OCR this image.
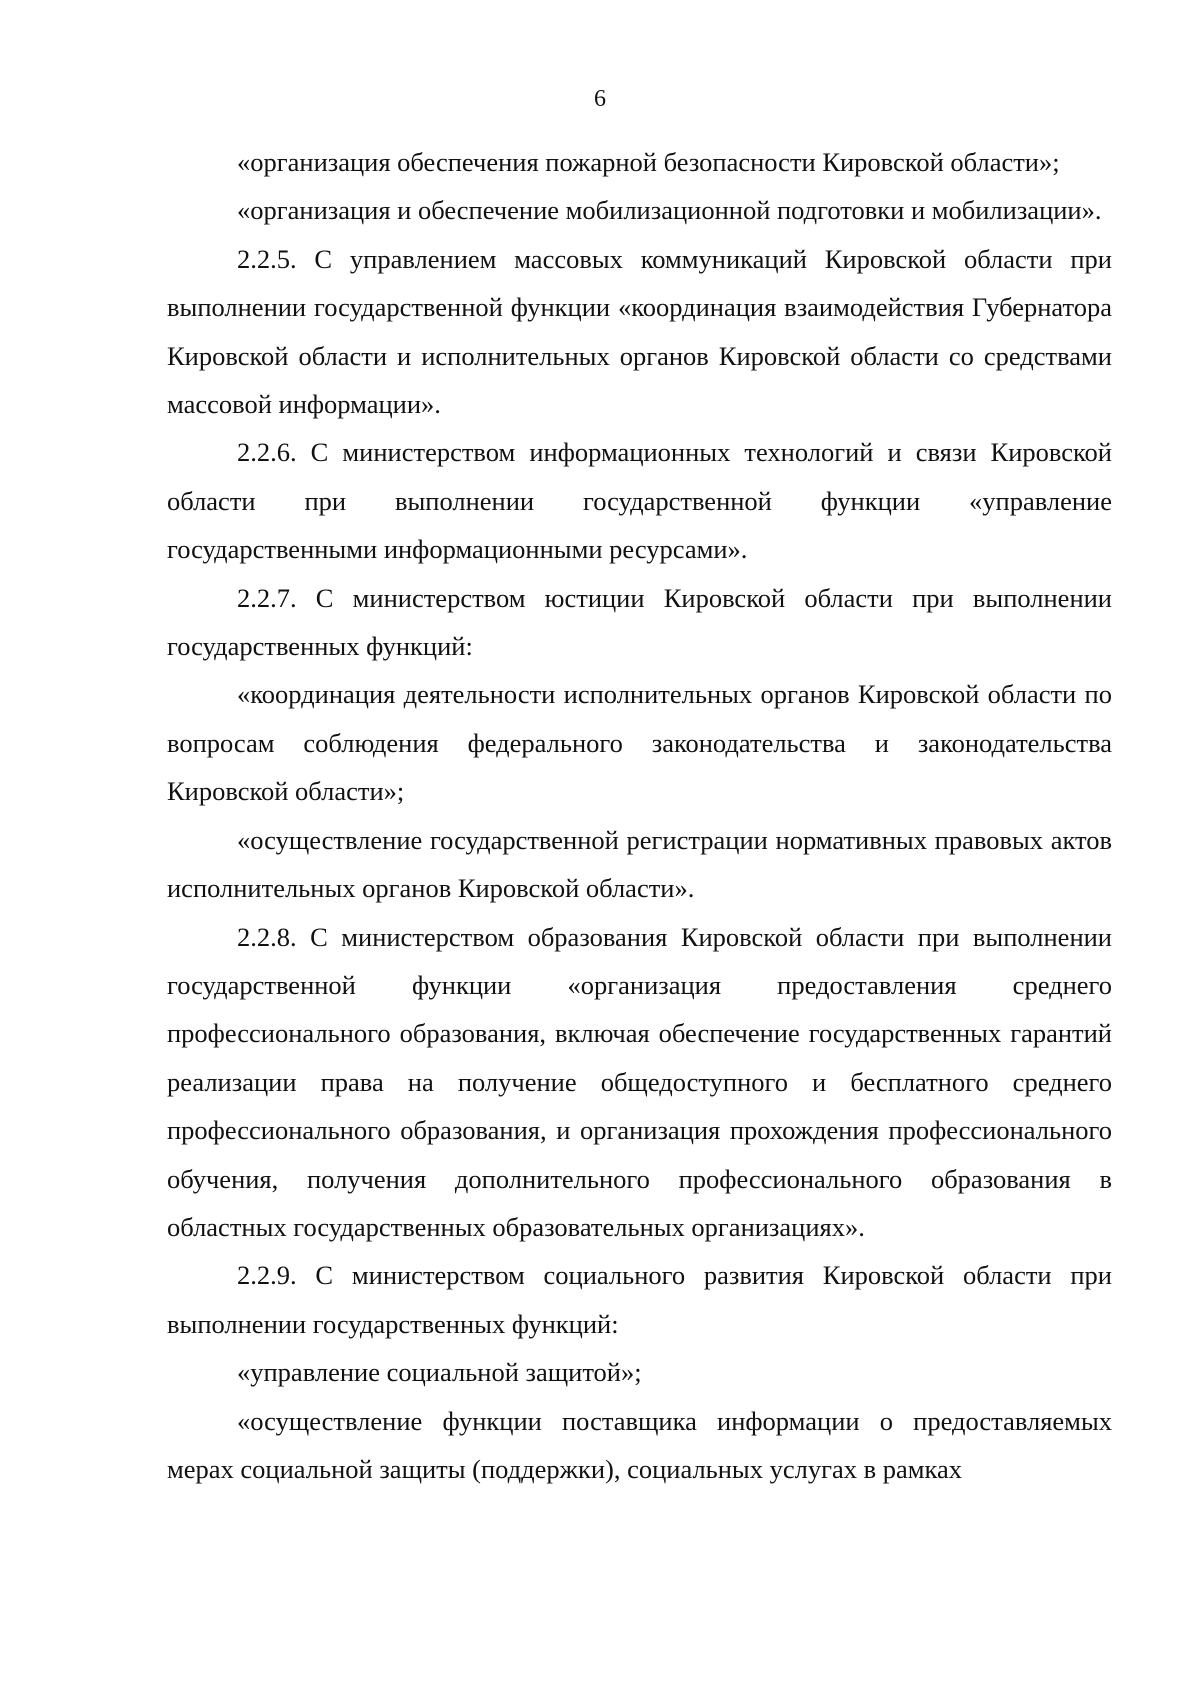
6

«организация обеспечения пожарной безопасности Кировской области»;

«организация и обеспечение мобилизационной подготовки и мобилизации».

2.2.5. С управлением массовых коммуникаций Кировской области при выполнении государственной функции «координация взаимодействия Губернатора Кировской области и исполнительных органов Кировской области со средствами массовой информации».

2.2.6. С министерством информационных технологий и связи Кировской области при выполнении государственной функции «управление государственными информационными ресурсами».

2.2.7. С министерством юстиции Кировской области при выполнении государственных функций:

«координация деятельности исполнительных органов Кировской области по вопросам соблюдения федерального законодательства и законодательства Кировской области»;

«осуществление государственной регистрации нормативных правовых актов исполнительных органов Кировской области».

2.2.8. С министерством образования Кировской области при выполнении государственной функции «организация предоставления среднего профессионального образования, включая обеспечение государственных гарантий реализации права на получение общедоступного и бесплатного среднего профессионального образования, и организация прохождения профессионального обучения, получения дополнительного профессионального образования в областных государственных образовательных организациях».

2.2.9. С министерством социального развития Кировской области при выполнении государственных функций:

«управление социальной защитой»;

«осуществление функции поставщика информации о предоставляемых мерах социальной защиты (поддержки), социальных услугах в рамках
